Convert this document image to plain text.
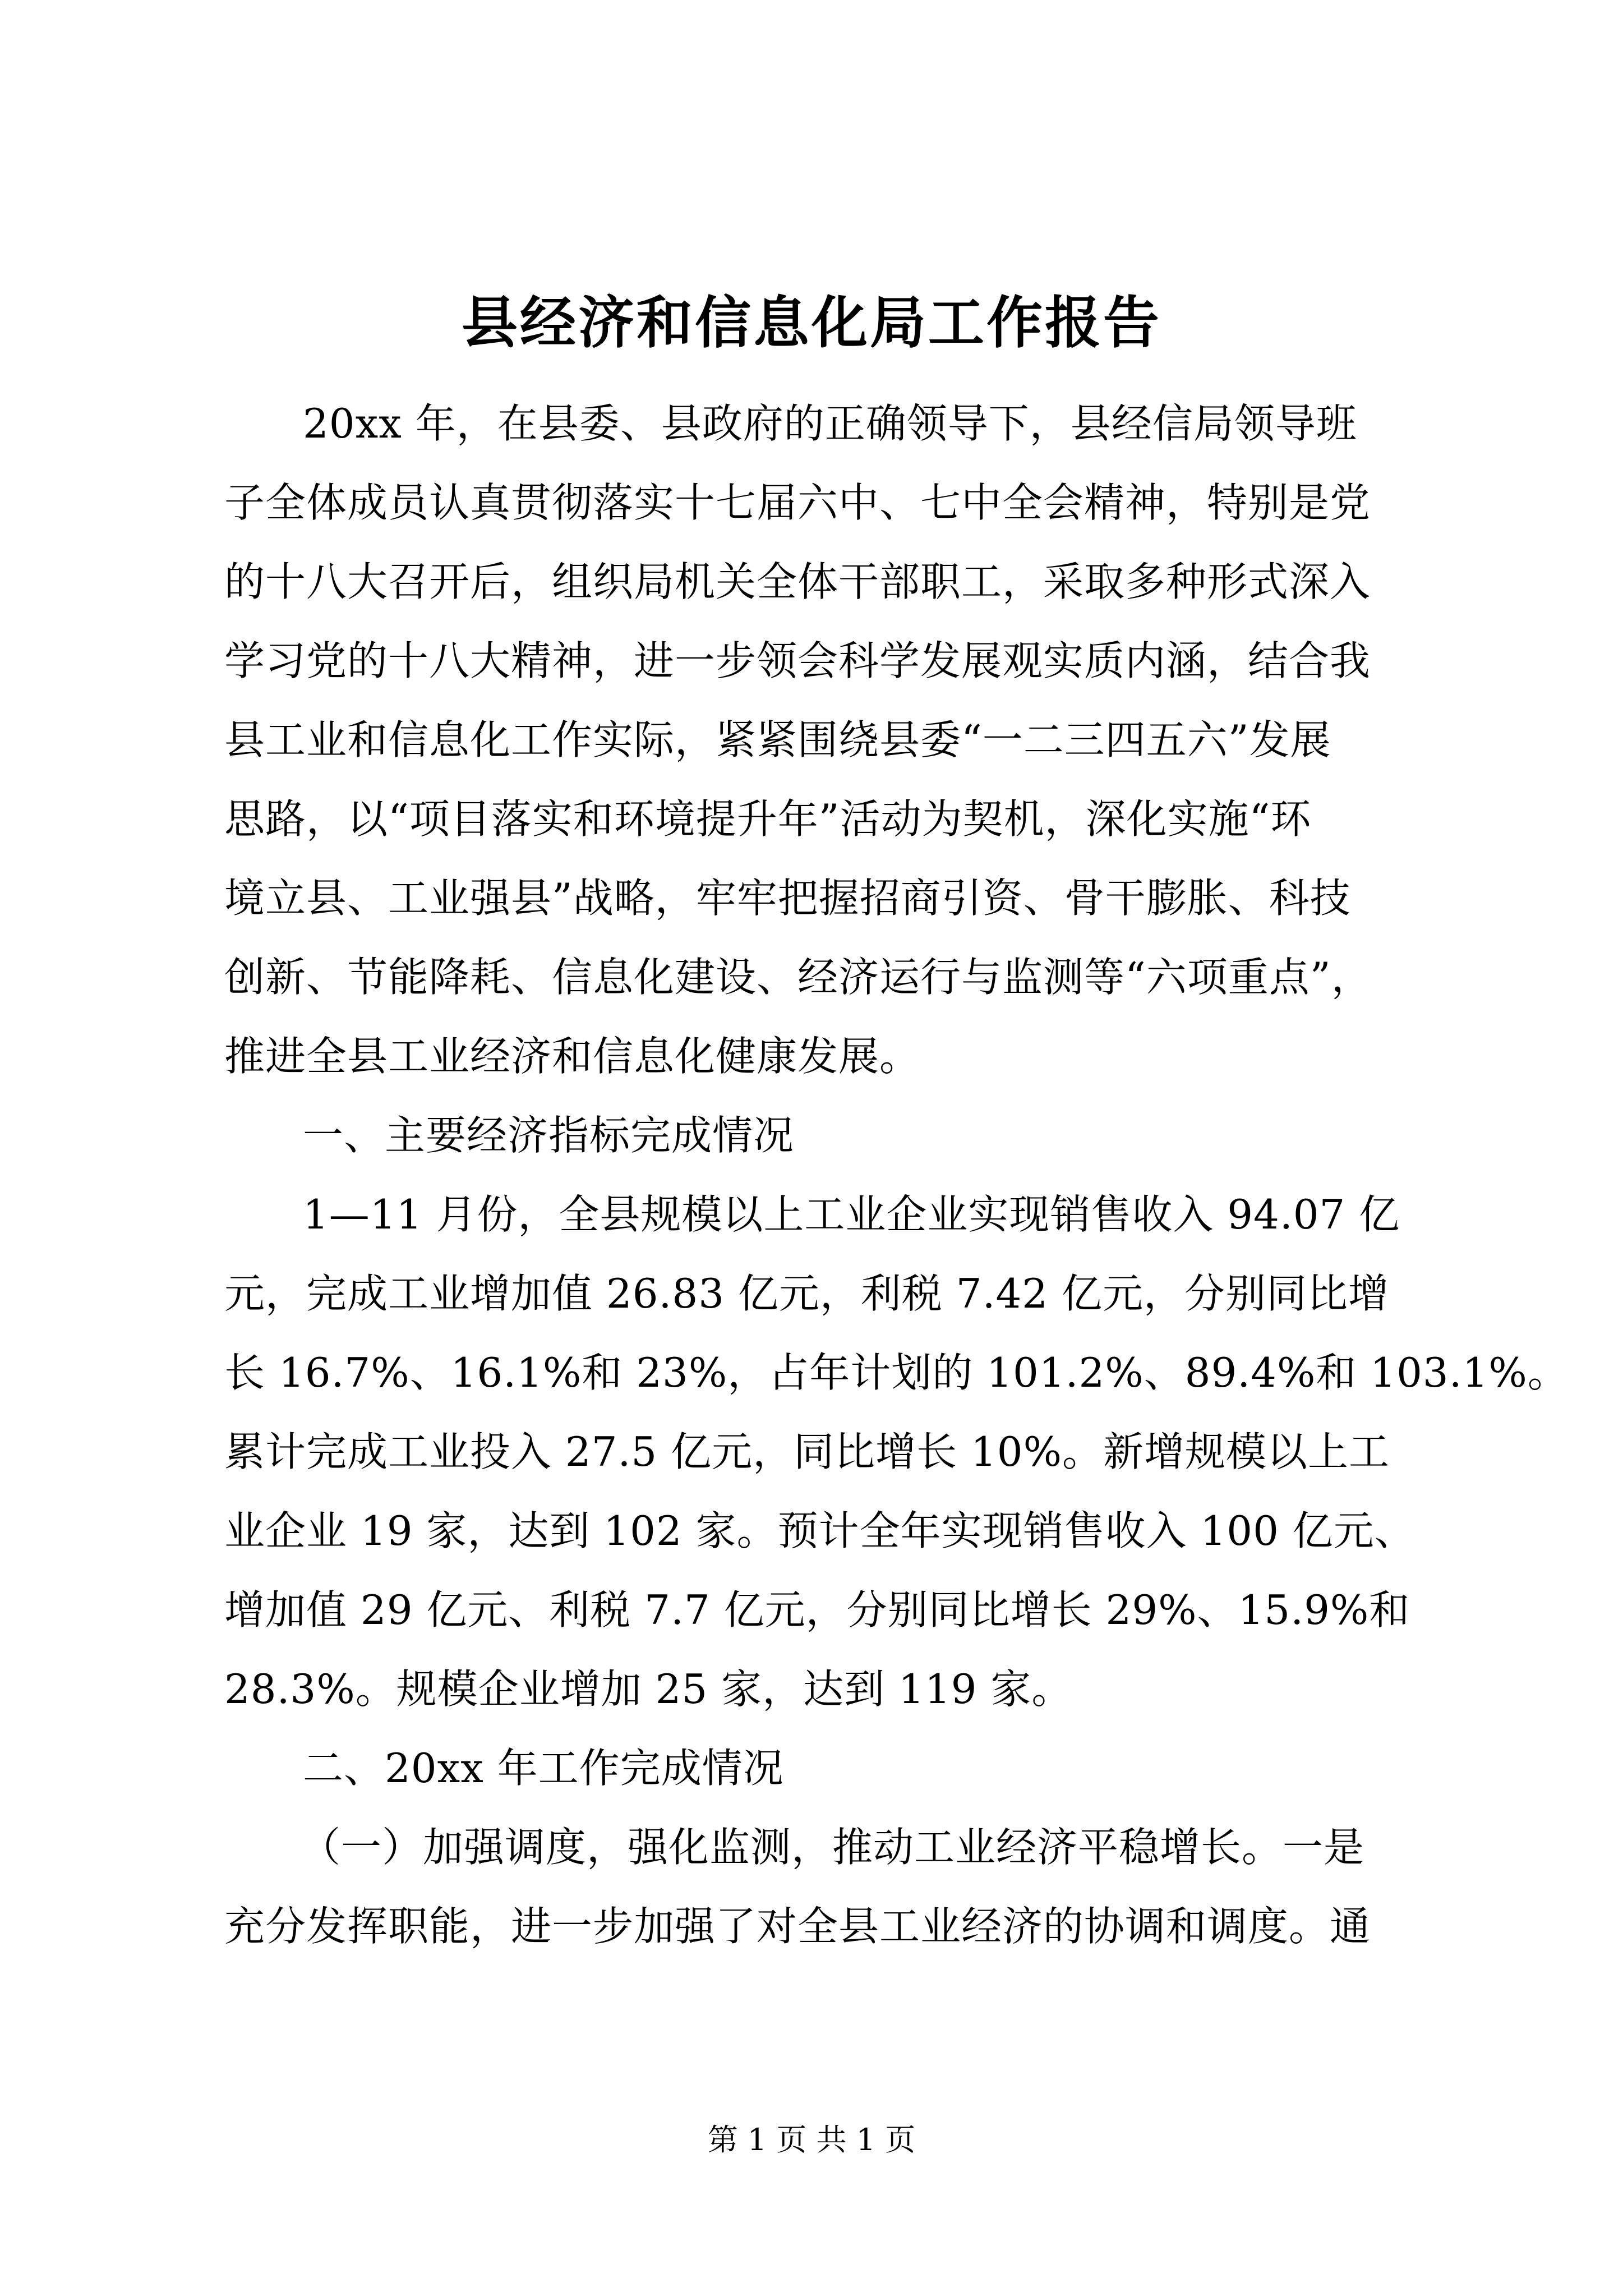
县经济和信息化局工作报告
20xx 年，在县委、县政府的正确领导下，县经信局领导班
子全体成员认真贯彻落实十七届六中、七中全会精神，特别是党
的十八大召开后，组织局机关全体干部职工，采取多种形式深入
学习党的十八大精神，进一步领会科学发展观实质内涵，结合我
县工业和信息化工作实际，紧紧围绕县委“一二三四五六”发展
思路，以“项目落实和环境提升年”活动为契机，深化实施“环
境立县、工业强县”战略，牢牢把握招商引资、骨干膨胀、科技
创新、节能降耗、信息化建设、经济运行与监测等“六项重点”，
推进全县工业经济和信息化健康发展。
一、主要经济指标完成情况
1—11 月份，全县规模以上工业企业实现销售收入 94.07 亿
元，完成工业增加值 26.83 亿元，利税 7.42 亿元，分别同比增
长 16.7%、16.1%和 23%，占年计划的 101.2%、89.4%和 103.1%。
累计完成工业投入 27.5 亿元，同比增长 10%。新增规模以上工
业企业 19 家，达到 102 家。预计全年实现销售收入 100 亿元、
增加值 29 亿元、利税 7.7 亿元，分别同比增长 29%、15.9%和
28.3%。规模企业增加 25 家，达到 119 家。
二、20xx 年工作完成情况
（一）加强调度，强化监测，推动工业经济平稳增长。一是
充分发挥职能，进一步加强了对全县工业经济的协调和调度。通
第 1 页 共 1 页
